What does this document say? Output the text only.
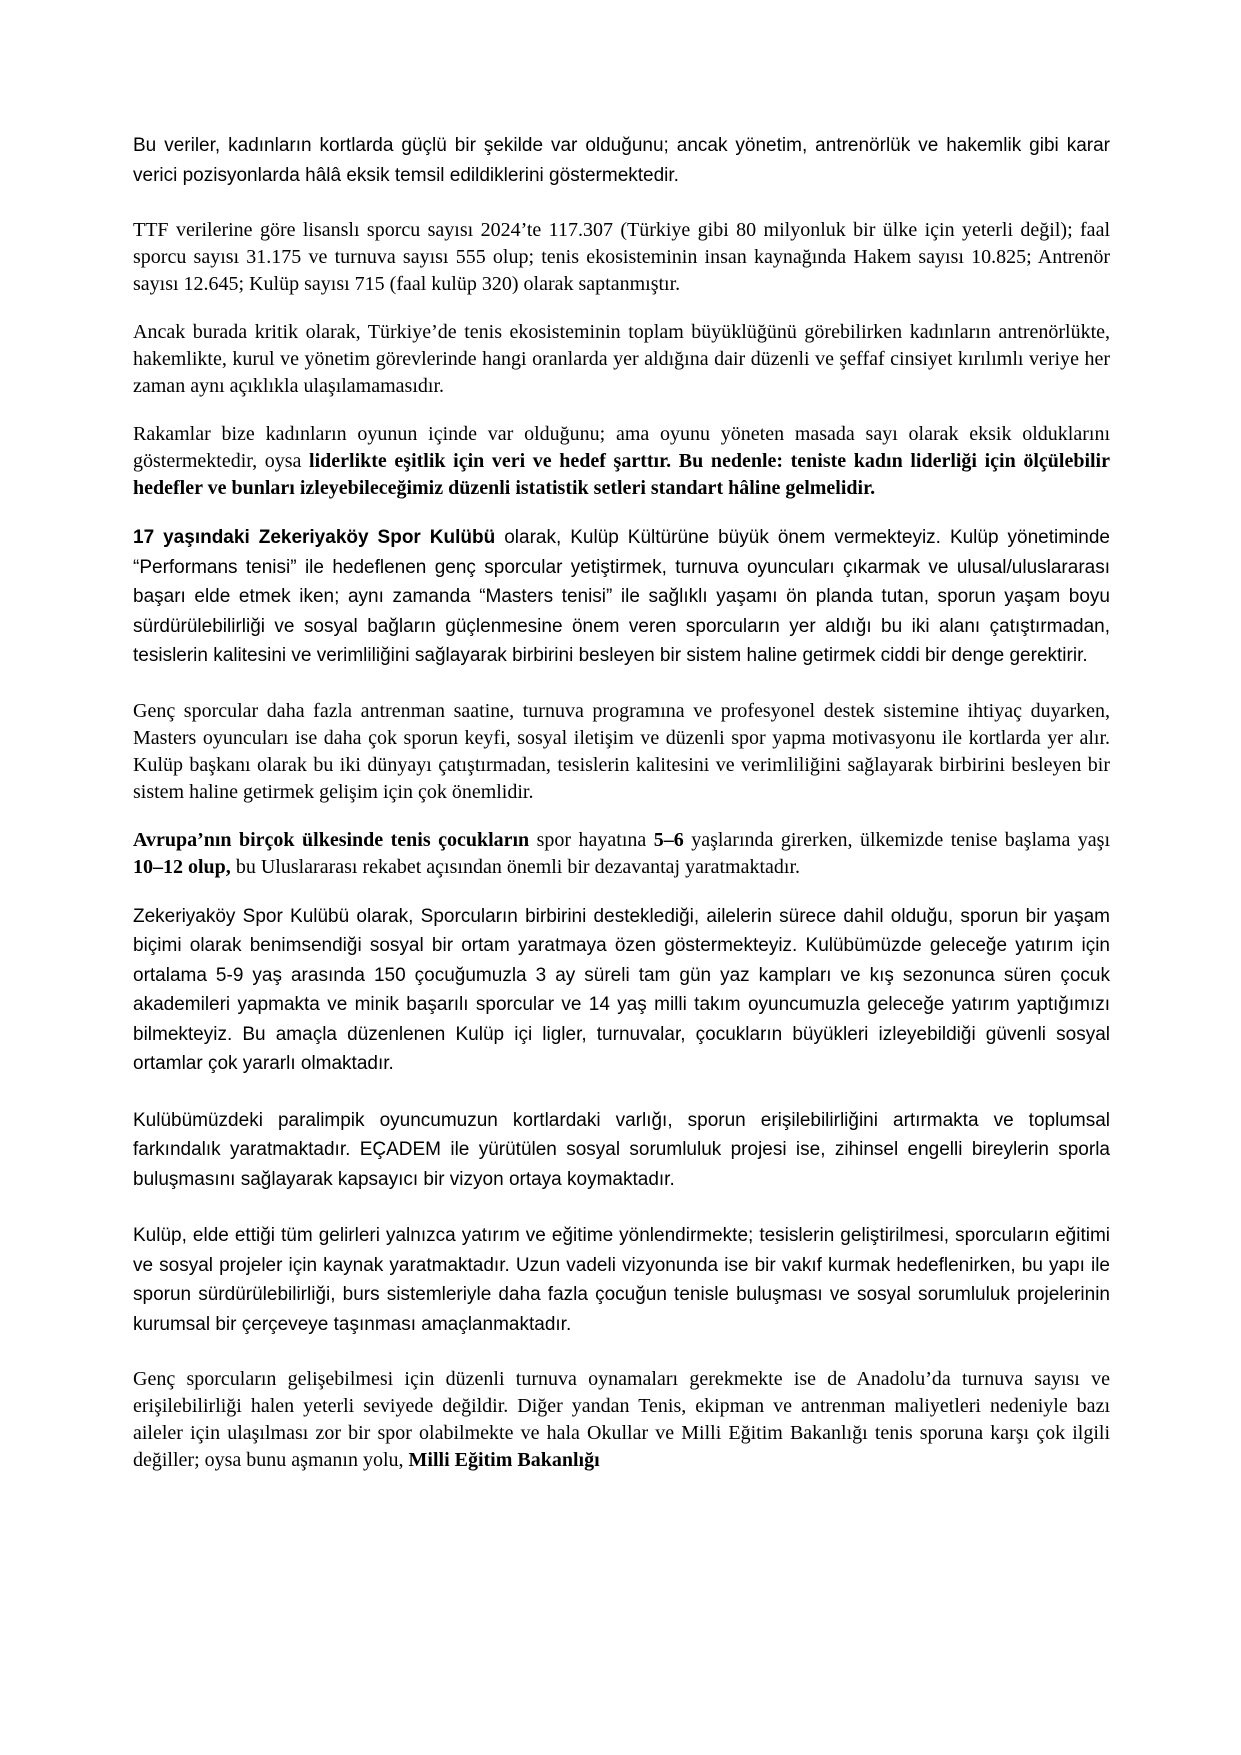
Bu veriler, kadınların kortlarda güçlü bir şekilde var olduğunu; ancak yönetim, antrenörlük ve hakemlik gibi karar verici pozisyonlarda hâlâ eksik temsil edildiklerini göstermektedir.

TTF verilerine göre lisanslı sporcu sayısı 2024’te 117.307 (Türkiye gibi 80 milyonluk bir ülke için yeterli değil); faal sporcu sayısı 31.175 ve turnuva sayısı 555 olup; tenis ekosisteminin insan kaynağında Hakem sayısı 10.825; Antrenör sayısı 12.645; Kulüp sayısı 715 (faal kulüp 320) olarak saptanmıştır.

Ancak burada kritik olarak, Türkiye’de tenis ekosisteminin toplam büyüklüğünü görebilirken kadınların antrenörlükte, hakemlikte, kurul ve yönetim görevlerinde hangi oranlarda yer aldığına dair düzenli ve şeffaf cinsiyet kırılımlı veriye her zaman aynı açıklıkla ulaşılamamasıdır.

Rakamlar bize kadınların oyunun içinde var olduğunu; ama oyunu yöneten masada sayı olarak eksik olduklarını göstermektedir, oysa liderlikte eşitlik için veri ve hedef şarttır. Bu nedenle: teniste kadın liderliği için ölçülebilir hedefler ve bunları izleyebileceğimiz düzenli istatistik setleri standart hâline gelmelidir.

17 yaşındaki Zekeriyaköy Spor Kulübü olarak, Kulüp Kültürüne büyük önem vermekteyiz. Kulüp yönetiminde “Performans tenisi” ile hedeflenen genç sporcular yetiştirmek, turnuva oyuncuları çıkarmak ve ulusal/uluslararası başarı elde etmek iken; aynı zamanda “Masters tenisi” ile sağlıklı yaşamı ön planda tutan, sporun yaşam boyu sürdürülebilirliği ve sosyal bağların güçlenmesine önem veren sporcuların yer aldığı bu iki alanı çatıştırmadan, tesislerin kalitesini ve verimliliğini sağlayarak birbirini besleyen bir sistem haline getirmek ciddi bir denge gerektirir.

Genç sporcular daha fazla antrenman saatine, turnuva programına ve profesyonel destek sistemine ihtiyaç duyarken, Masters oyuncuları ise daha çok sporun keyfi, sosyal iletişim ve düzenli spor yapma motivasyonu ile kortlarda yer alır. Kulüp başkanı olarak bu iki dünyayı çatıştırmadan, tesislerin kalitesini ve verimliliğini sağlayarak birbirini besleyen bir sistem haline getirmek gelişim için çok önemlidir.

Avrupa’nın birçok ülkesinde tenis çocukların spor hayatına 5–6 yaşlarında girerken, ülkemizde tenise başlama yaşı 10–12 olup, bu Uluslararası rekabet açısından önemli bir dezavantaj yaratmaktadır.

Zekeriyaköy Spor Kulübü olarak, Sporcuların birbirini desteklediği, ailelerin sürece dahil olduğu, sporun bir yaşam biçimi olarak benimsendiği sosyal bir ortam yaratmaya özen göstermekteyiz. Kulübümüzde geleceğe yatırım için ortalama 5-9 yaş arasında 150 çocuğumuzla 3 ay süreli tam gün yaz kampları ve kış sezonunca süren çocuk akademileri yapmakta ve minik başarılı sporcular ve 14 yaş milli takım oyuncumuzla geleceğe yatırım yaptığımızı bilmekteyiz. Bu amaçla düzenlenen Kulüp içi ligler, turnuvalar, çocukların büyükleri izleyebildiği güvenli sosyal ortamlar çok yararlı olmaktadır.

Kulübümüzdeki paralimpik oyuncumuzun kortlardaki varlığı, sporun erişilebilirliğini artırmakta ve toplumsal farkındalık yaratmaktadır. EÇADEM ile yürütülen sosyal sorumluluk projesi ise, zihinsel engelli bireylerin sporla buluşmasını sağlayarak kapsayıcı bir vizyon ortaya koymaktadır.

Kulüp, elde ettiği tüm gelirleri yalnızca yatırım ve eğitime yönlendirmekte; tesislerin geliştirilmesi, sporcuların eğitimi ve sosyal projeler için kaynak yaratmaktadır. Uzun vadeli vizyonunda ise bir vakıf kurmak hedeflenirken, bu yapı ile sporun sürdürülebilirliği, burs sistemleriyle daha fazla çocuğun tenisle buluşması ve sosyal sorumluluk projelerinin kurumsal bir çerçeveye taşınması amaçlanmaktadır.

Genç sporcuların gelişebilmesi için düzenli turnuva oynamaları gerekmekte ise de Anadolu’da turnuva sayısı ve erişilebilirliği halen yeterli seviyede değildir. Diğer yandan Tenis, ekipman ve antrenman maliyetleri nedeniyle bazı aileler için ulaşılması zor bir spor olabilmekte ve hala Okullar ve Milli Eğitim Bakanlığı tenis sporuna karşı çok ilgili değiller; oysa bunu aşmanın yolu, Milli Eğitim Bakanlığı
